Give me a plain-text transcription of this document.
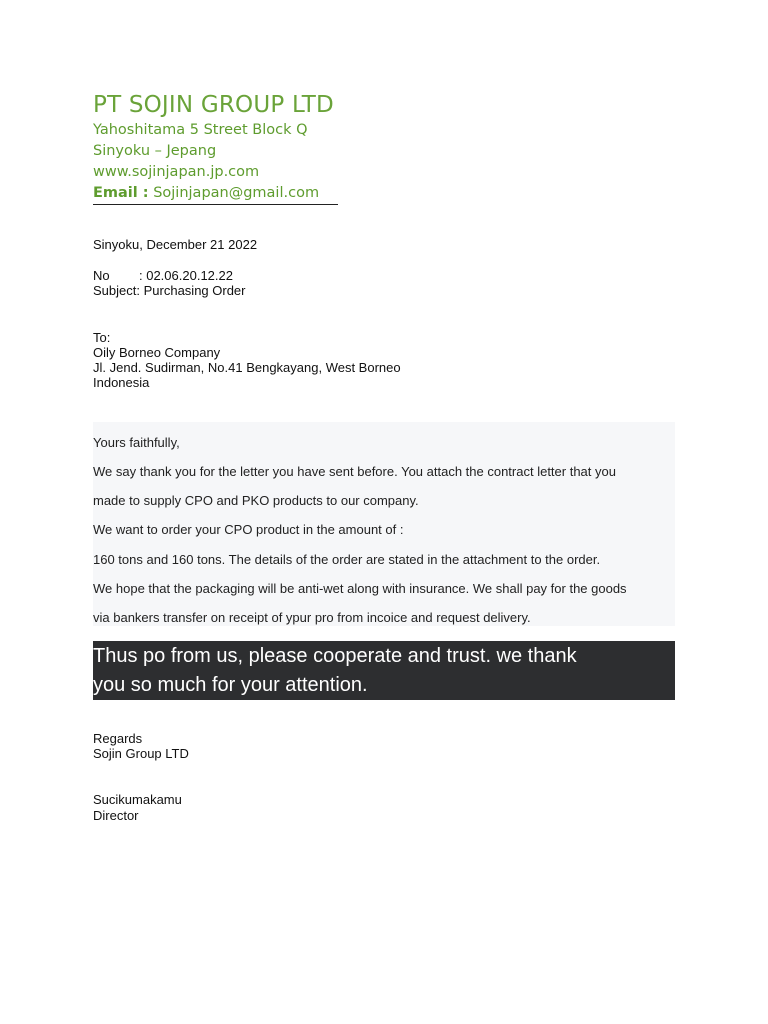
PT SOJIN GROUP LTD
Yahoshitama 5 Street Block Q
Sinyoku – Jepang
www.sojinjapan.jp.com
Email : Sojinjapan@gmail.com
Sinyoku, December 21 2022
No : 02.06.20.12.22
Subject: Purchasing Order
To:
Oily Borneo Company
Jl. Jend. Sudirman, No.41 Bengkayang, West Borneo
Indonesia
Yours faithfully,
We say thank you for the letter you have sent before. You attach the contract letter that you
made to supply CPO and PKO products to our company.
We want to order your CPO product in the amount of :
160 tons and 160 tons. The details of the order are stated in the attachment to the order.
We hope that the packaging will be anti-wet along with insurance. We shall pay for the goods
via bankers transfer on receipt of ypur pro from incoice and request delivery.
Thus po from us, please cooperate and trust. we thank
you so much for your attention.
Regards
Sojin Group LTD
Sucikumakamu
Director
